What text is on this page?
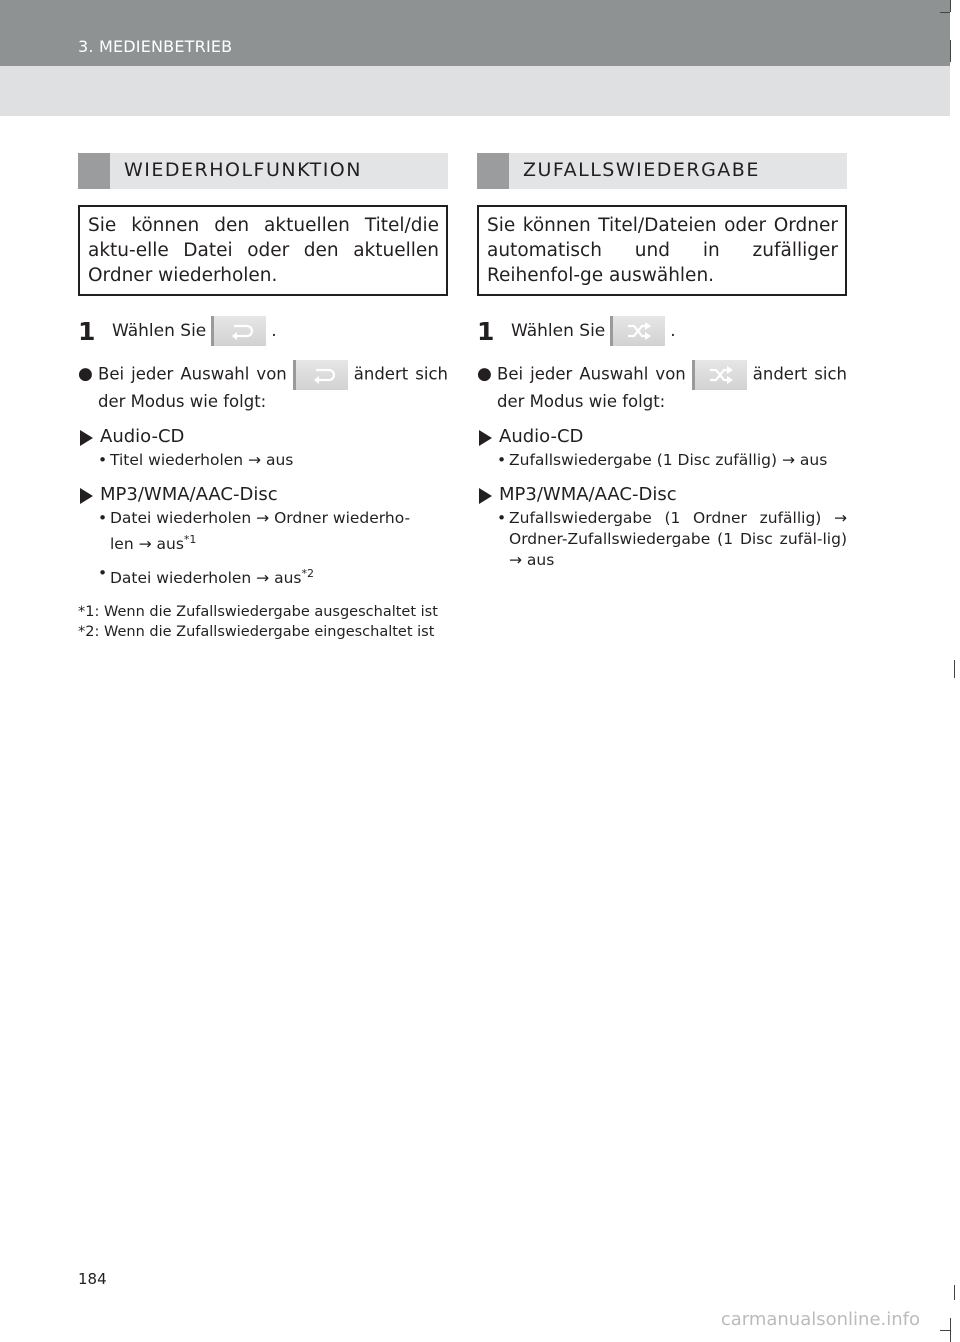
3. MEDIENBETRIEB
WIEDERHOLFUNKTION
Sie können den aktuellen Titel/die aktu-elle Datei oder den aktuellen Ordner wiederholen.
1 Wählen Sie	.
● Bei jeder Auswahl von	ändert sich der Modus wie folgt:
Audio-CD
• Titel wiederholen → aus
MP3/WMA/AAC-Disc
• Datei wiederholen → Ordner wiederho-
len → aus$^{*1}$
• Datei wiederholen → aus$^{*2}$
*1: Wenn die Zufallswiedergabe ausgeschaltet ist
*2: Wenn die Zufallswiedergabe eingeschaltet ist
ZUFALLSWIEDERGABE
Sie können Titel/Dateien oder Ordner automatisch und in zufälliger Reihenfol-ge auswählen.
1 Wählen Sie	.
● Bei jeder Auswahl von	ändert sich der Modus wie folgt:
Audio-CD
• Zufallswiedergabe (1 Disc zufällig) → aus
MP3/WMA/AAC-Disc
• Zufallswiedergabe (1 Ordner zufällig) → Ordner-Zufallswiedergabe (1 Disc zufäl-lig) → aus
184
carmanualsonline.info
